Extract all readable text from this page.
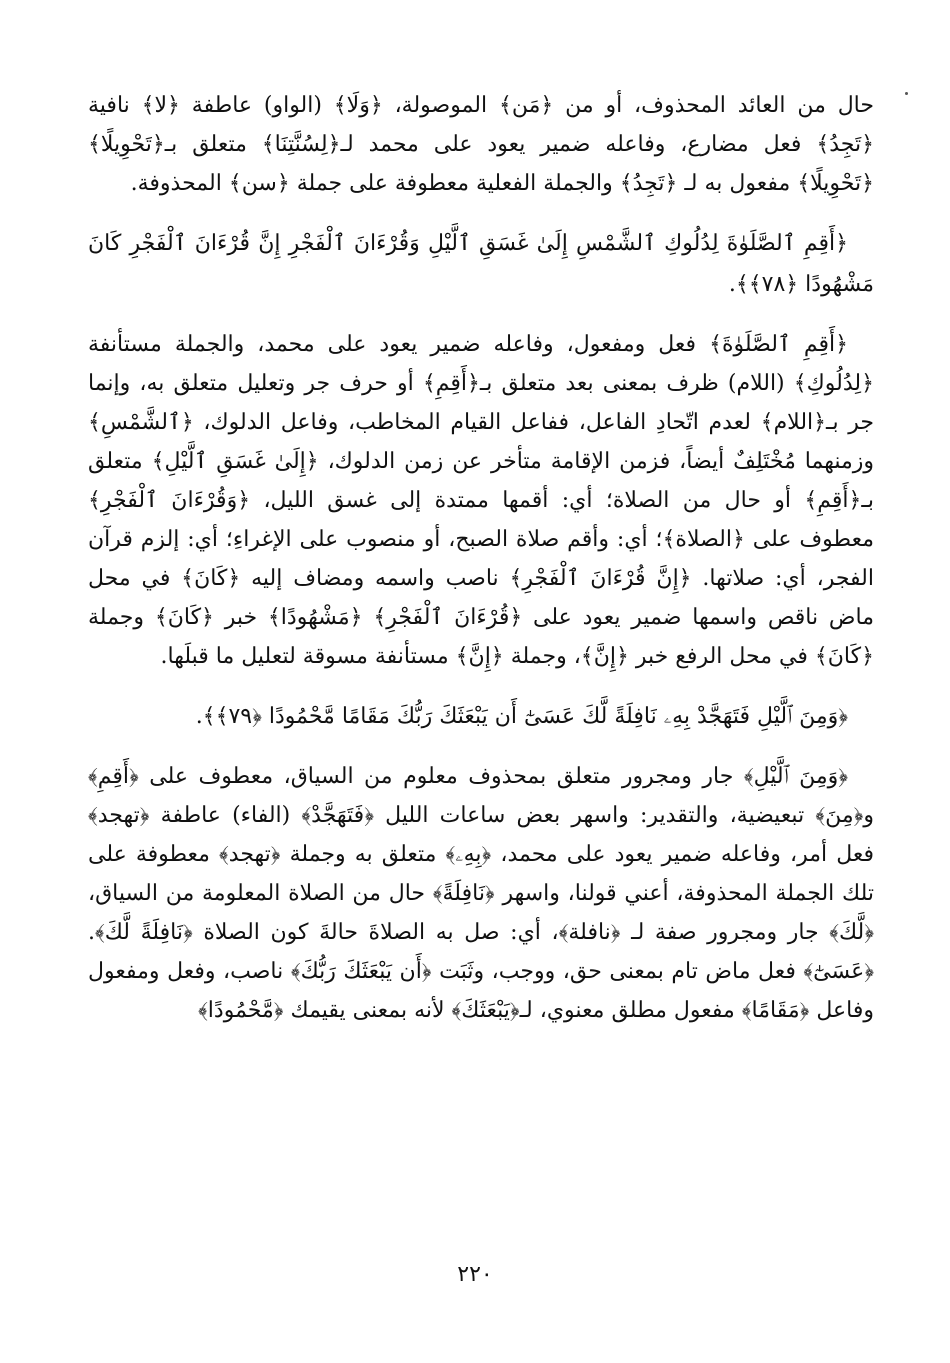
حال من العائد المحذوف، أو من ﴿مَن﴾ الموصولة، ﴿وَلَا﴾ (الواو) عاطفة ﴿لا﴾ نافية ﴿تَجِدُ﴾ فعل مضارع، وفاعله ضمير يعود على محمد لـ﴿لِسُنَّتِنَا﴾ متعلق بـ﴿تَحْوِيلًا﴾ ﴿تَحْوِيلًا﴾ مفعول به لـ ﴿تَجِدُ﴾ والجملة الفعلية معطوفة على جملة ﴿سن﴾ المحذوفة.

﴿أَقِمِ ٱلصَّلَوٰةَ لِدُلُوكِ ٱلشَّمْسِ إِلَىٰ غَسَقِ ٱلَّيْلِ وَقُرْءَانَ ٱلْفَجْرِ إِنَّ قُرْءَانَ ٱلْفَجْرِ كَانَ مَشْهُودًا ﴿٧٨﴾﴾.

﴿أَقِمِ ٱلصَّلَوٰةَ﴾ فعل ومفعول، وفاعله ضمير يعود على محمد، والجملة مستأنفة ﴿لِدُلُوكِ﴾ (اللام) ظرف بمعنى بعد متعلق بـ﴿أَقِمِ﴾ أو حرف جر وتعليل متعلق به، وإنما جر بـ﴿اللام﴾ لعدم اتّحادِ الفاعل، ففاعل القيام المخاطب، وفاعل الدلوك، ﴿ٱلشَّمْسِ﴾ وزمنهما مُخْتَلِفٌ أيضاً، فزمن الإقامة متأخر عن زمن الدلوك، ﴿إِلَىٰ غَسَقِ ٱلَّيْلِ﴾ متعلق بـ﴿أَقِمِ﴾ أو حال من الصلاة؛ أي: أقمها ممتدة إلى غسق الليل، ﴿وَقُرْءَانَ ٱلْفَجْرِ﴾ معطوف على ﴿الصلاة﴾؛ أي: وأقم صلاة الصبح، أو منصوب على الإغراءِ؛ أي: إلزم قرآن الفجر، أي: صلاتها. ﴿إِنَّ قُرْءَانَ ٱلْفَجْرِ﴾ ناصب واسمه ومضاف إليه ﴿كَانَ﴾ في محل ماض ناقص واسمها ضمير يعود على ﴿قُرْءَانَ ٱلْفَجْرِ﴾ ﴿مَشْهُودًا﴾ خبر ﴿كَانَ﴾ وجملة ﴿كَانَ﴾ في محل الرفع خبر ﴿إِنَّ﴾، وجملة ﴿إِنَّ﴾ مستأنفة مسوقة لتعليل ما قبلَها.

﴿وَمِنَ ٱلَّيْلِ فَتَهَجَّدْ بِهِۦ نَافِلَةً لَّكَ عَسَىٰٓ أَن يَبْعَثَكَ رَبُّكَ مَقَامًا مَّحْمُودًا ﴿٧٩﴾﴾.

﴿وَمِنَ ٱلَّيْلِ﴾ جار ومجرور متعلق بمحذوف معلوم من السياق، معطوف على ﴿أَقِمِ﴾ و﴿مِنَ﴾ تبعيضية، والتقدير: واسهر بعض ساعات الليل ﴿فَتَهَجَّدْ﴾ (الفاء) عاطفة ﴿تهجد﴾ فعل أمر، وفاعله ضمير يعود على محمد، ﴿بِهِۦ﴾ متعلق به وجملة ﴿تهجد﴾ معطوفة على تلك الجملة المحذوفة، أعني قولنا، واسهر ﴿نَافِلَةً﴾ حال من الصلاة المعلومة من السياق، ﴿لَّكَ﴾ جار ومجرور صفة لـ ﴿نافلة﴾، أي: صل به الصلاةَ حالةَ كون الصلاة ﴿نَافِلَةً لَّكَ﴾. ﴿عَسَىٰٓ﴾ فعل ماض تام بمعنى حق، ووجب، وثَبَت ﴿أَن يَبْعَثَكَ رَبُّكَ﴾ ناصب، وفعل ومفعول وفاعل ﴿مَقَامًا﴾ مفعول مطلق معنوي، لـ﴿يَبْعَثَكَ﴾ لأنه بمعنى يقيمك ﴿مَّحْمُودًا﴾

٢٢٠
